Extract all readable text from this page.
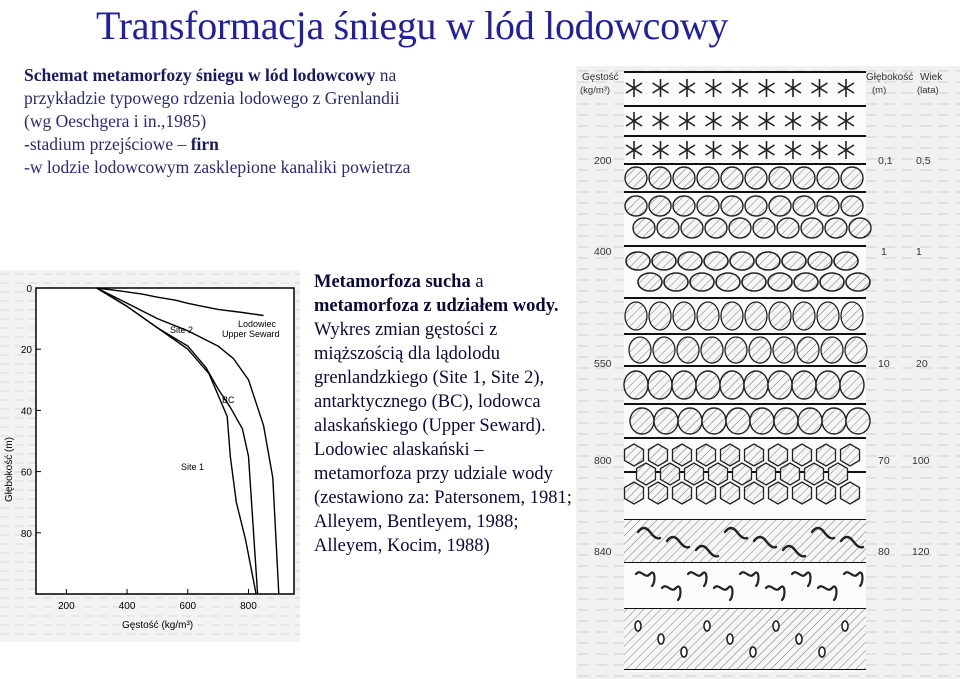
Transformacja śniegu w lód lodowcowy
Schemat metamorfozy śniegu w lód lodowcowy na
przykładzie typowego rdzenia lodowego z Grenlandii
(wg Oeschgera i in.,1985)
-stadium przejściowe – firn
-w lodzie lodowcowym zasklepione kanaliki powietrza
Metamorfoza sucha a metamorfoza z udziałem wody. Wykres zmian gęstości z miąższością dla lądolodu grenlandzkiego (Site 1, Site 2), antarktycznego (BC), lodowca alaskańskiego (Upper Seward). Lodowiec alaskański – metamorfoza przy udziale wody (zestawiono za: Patersonem, 1981; Alleyem, Bentleyem, 1988; Alleyem, Kocim, 1988)
0
20
40
60
80
200	400	600	800
Głębokość (m)
Gęstość (kg/m³)
Site 2
Lodowiec
Upper Seward
BC
Site 1
Gęstość
(kg/m³)
Głębokość
(m)
Wiek
(lata)
200	0,1 0,5
400	1	1
550	10	20
800	70 100
840	80 120
